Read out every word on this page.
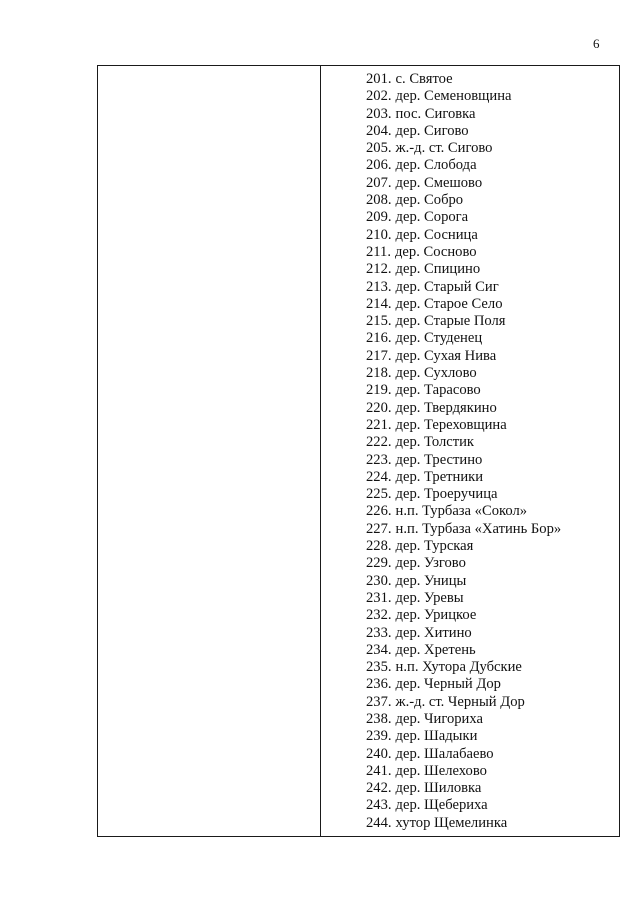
6
201. с. Святое
202. дер. Семеновщина
203. пос. Сиговка
204. дер. Сигово
205. ж.-д. ст. Сигово
206. дер. Слобода
207. дер. Смешово
208. дер. Собро
209. дер. Сорога
210. дер. Сосница
211. дер. Сосново
212. дер. Спицино
213. дер. Старый Сиг
214. дер. Старое Село
215. дер. Старые Поля
216. дер. Студенец
217. дер. Сухая Нива
218. дер. Сухлово
219. дер. Тарасово
220. дер. Твердякино
221. дер. Тереховщина
222. дер. Толстик
223. дер. Трестино
224. дер. Третники
225. дер. Троеручица
226. н.п. Турбаза «Сокол»
227. н.п. Турбаза «Хатинь Бор»
228. дер. Турская
229. дер. Узгово
230. дер. Уницы
231. дер. Уревы
232. дер. Урицкое
233. дер. Хитино
234. дер. Хретень
235. н.п. Хутора Дубские
236. дер. Черный Дор
237. ж.-д. ст. Черный Дор
238. дер. Чигориха
239. дер. Шадыки
240. дер. Шалабаево
241. дер. Шелехово
242. дер. Шиловка
243. дер. Щебериха
244. хутор Щемелинка
